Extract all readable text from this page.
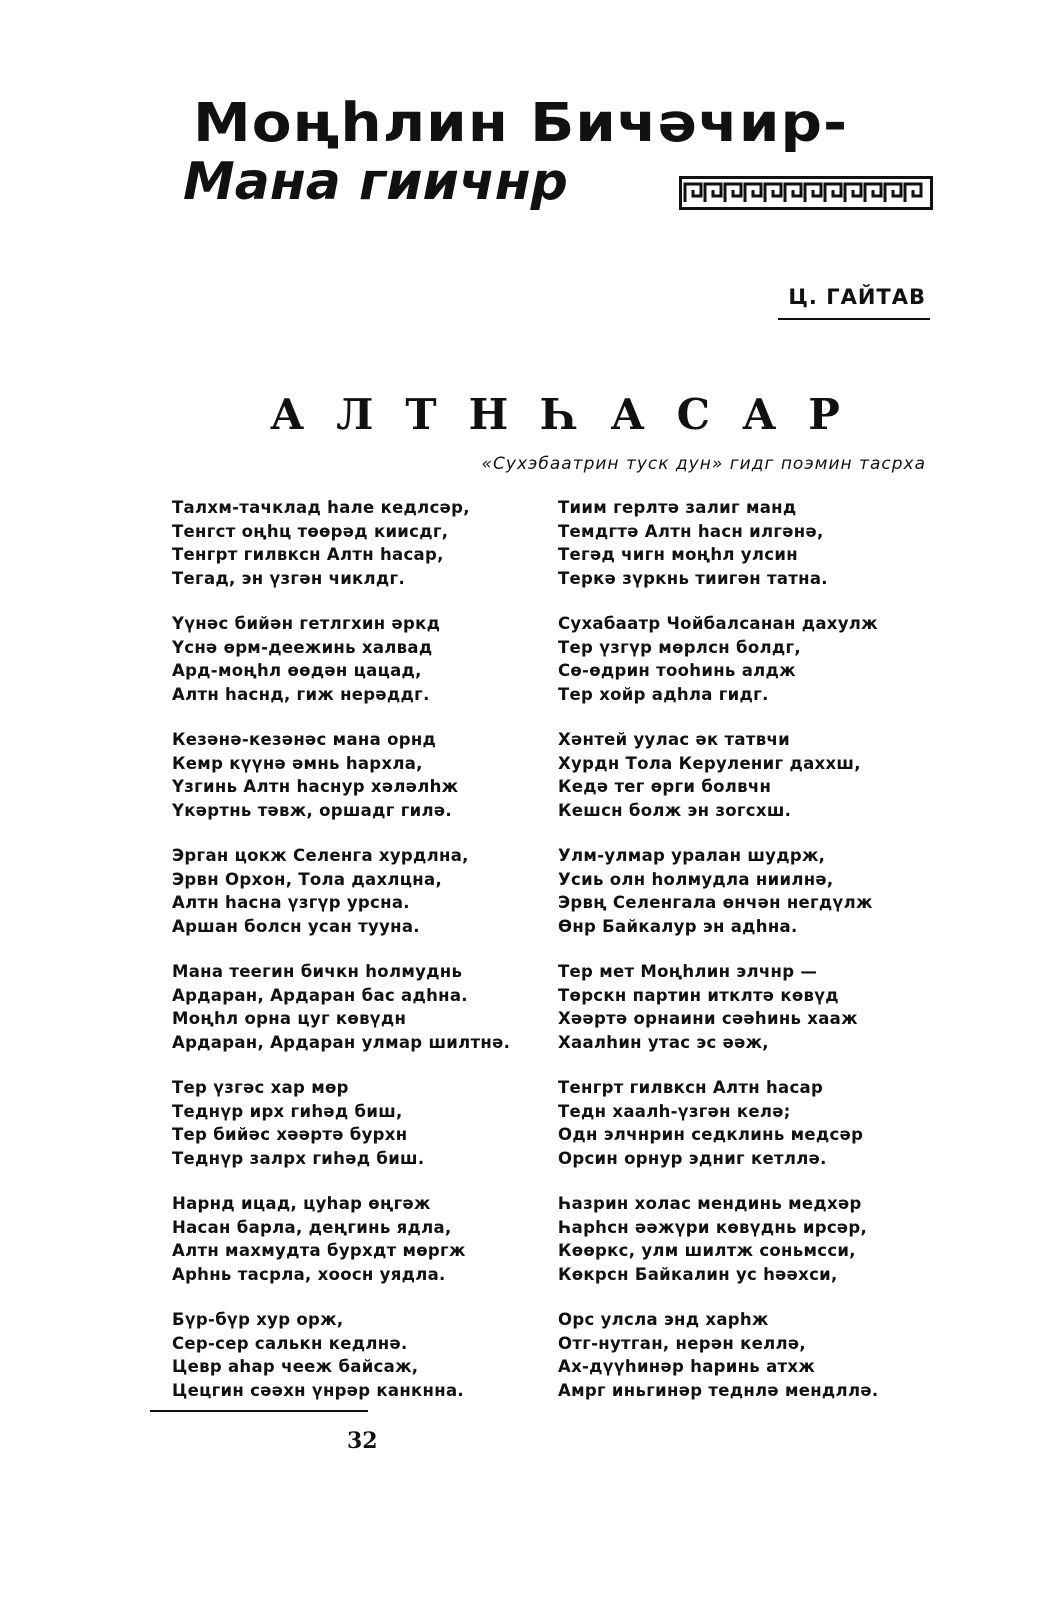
Моңһлин Бичәчир-
Мана гиичнр
Ц. ГАЙТАВ
А Л Т Н Һ А С А Р
«Сухэбаатрин туск дун» гидг поэмин тасрха
Талхм-тачклад һале кедлсәр,
Тенгст оңһц төөрәд киисдг,
Тенгрт гилвксн Алтн һасар,
Тегад, эн үзгән чиклдг.
Үүнәс бийән гетлгхин әркд
Үснә өрм-деежинь халвад
Ард-моңһл өөдән цацад,
Алтн һаснд, гиж нерәддг.
Кезәнә-кезәнәс мана орнд
Кемр күүнә әмнь һархла,
Үзгинь Алтн һаснур хәләлһж
Үкәртнь тәвж, оршадг гилә.
Эрган цокж Селенга хурдлна,
Эрвн Орхон, Тола дахлцна,
Алтн һасна үзгүр урсна.
Аршан болсн усан тууна.
Мана теегин бичкн һолмуднь
Ардаран, Ардаран бас адһна.
Моңһл орна цуг көвүдн
Ардаран, Ардаран улмар шилтнә.
Тер үзгәс хар мөр
Теднүр ирх гиһәд биш,
Тер бийәс хәәртә бурхн
Теднүр залрх гиһәд биш.
Нарнд ицад, цуһар өңгәж
Насан барла, деңгинь ядла,
Алтн махмудта бурхдт мөргж
Арһнь тасрла, хоосн уядла.
Бүр-бүр хур орж,
Сер-сер салькн кедлнә.
Цевр аһар чееж байсаж,
Цецгин сәәхн үнрәр канкнна.
Тиим герлтә залиг манд
Темдгтә Алтн һасн илгәнә,
Тегәд чигн моңһл улсин
Теркә зүркнь тиигән татна.
Сухабаатр Чойбалсанан дахулж
Тер үзгүр мөрлсн болдг,
Сө-өдрин тооһинь алдж
Тер хойр адһла гидг.
Хәнтей уулас әк татвчи
Хурдн Тола Керулениг даххш,
Кедә тег өрги болвчн
Кешсн болж эн зогсхш.
Улм-улмар уралан шудрж,
Усиь олн һолмудла ниилнә,
Эрвң Селенгала өнчән негдүлж
Өнр Байкалур эн адһна.
Тер мет Моңһлин элчнр —
Төрскн партин итклтә көвүд
Хәәртә орнаини сәәһинь хааж
Хаалһин утас эс әәж,
Тенгрт гилвксн Алтн һасар
Тедн хаалһ-үзгән келә;
Одн элчнрин седклинь медсәр
Орсин орнур эдниг кетллә.
Һазрин холас мендинь медхәр
Һарһсн әәжүри көвүднь ирсәр,
Көөркс, улм шилтж соньмсси,
Көкрсн Байкалин ус һәәхси,
Орс улсла энд харһж
Отг-нутган, нерән келлә,
Ах-дүүһинәр һаринь атхж
Амрг иньгинәр теднлә мендллә.
32
